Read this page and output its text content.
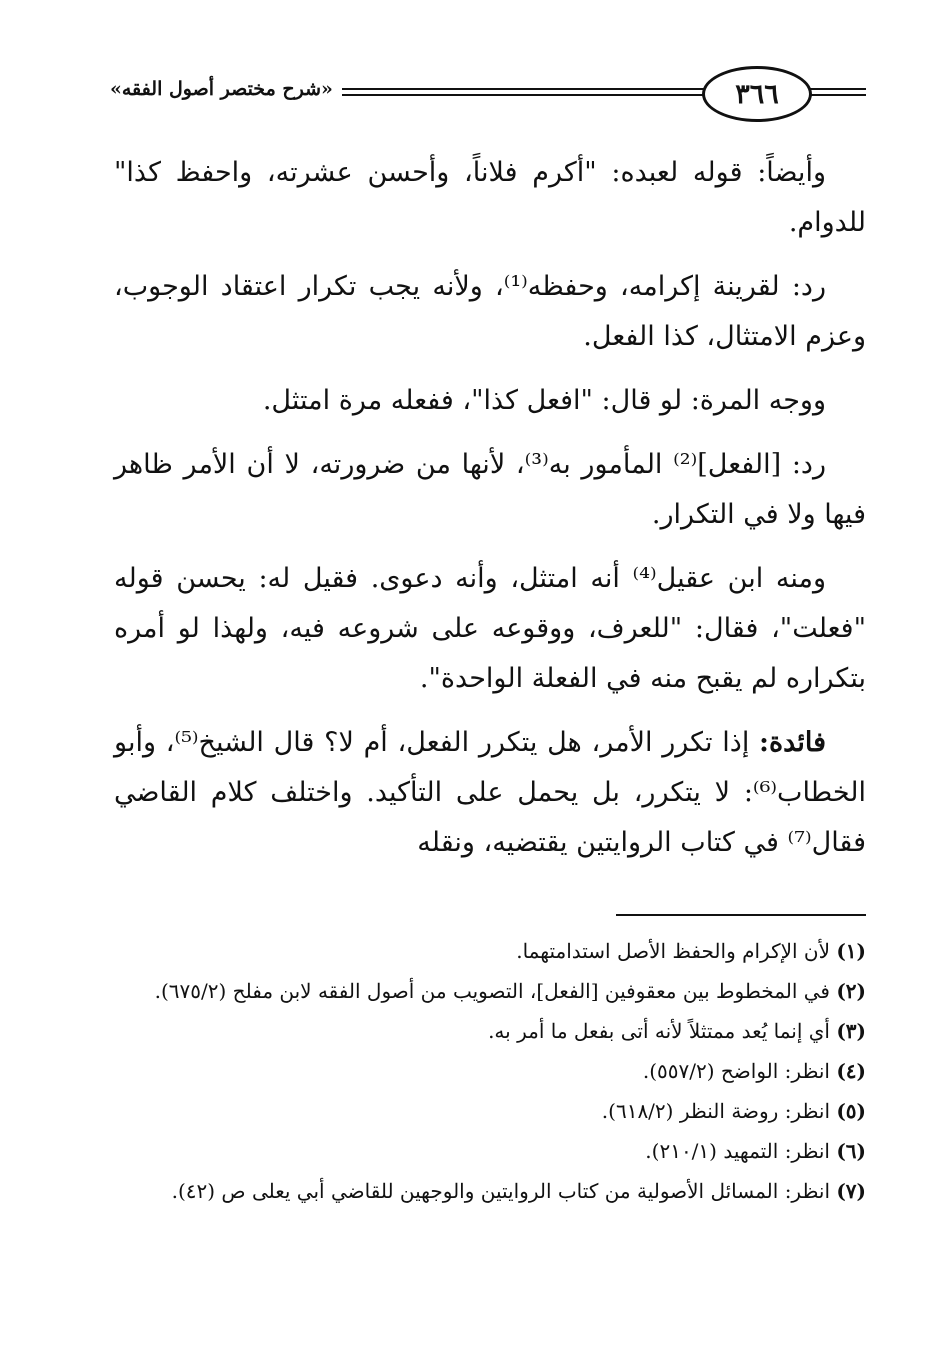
«شرح مختصر أصول الفقه»	٣٦٦

وأيضاً: قوله لعبده: "أكرم فلاناً، وأحسن عشرته، واحفظ كذا" للدوام.

رد: لقرينة إكرامه، وحفظه⁽¹⁾، ولأنه يجب تكرار اعتقاد الوجوب، وعزم الامتثال، كذا الفعل.

ووجه المرة: لو قال: "افعل كذا"، ففعله مرة امتثل.

رد: [الفعل]⁽²⁾ المأمور به⁽³⁾، لأنها من ضرورته، لا أن الأمر ظاهر فيها ولا في التكرار.

ومنه ابن عقيل⁽⁴⁾ أنه امتثل، وأنه دعوى. فقيل له: يحسن قوله "فعلت"، فقال: "للعرف، ووقوعه على شروعه فيه، ولهذا لو أمره بتكراره لم يقبح منه في الفعلة الواحدة".

فائدة: إذا تكرر الأمر، هل يتكرر الفعل، أم لا؟ قال الشيخ⁽⁵⁾، وأبو الخطاب⁽⁶⁾: لا يتكرر، بل يحمل على التأكيد. واختلف كلام القاضي فقال⁽⁷⁾ في كتاب الروايتين يقتضيه، ونقله

(١)لأن الإكرام والحفظ الأصل استدامتهما.

(٢)في المخطوط بين معقوفين [الفعل]، التصويب من أصول الفقه لابن مفلح (٦٧٥/٢).

(٣)أي إنما يُعد ممتثلاً لأنه أتى بفعل ما أمر به.

(٤)انظر: الواضح (٥٥٧/٢).

(٥)انظر: روضة النظر (٦١٨/٢).

(٦)انظر: التمهيد (٢١٠/١).

(٧)انظر: المسائل الأصولية من كتاب الروايتين والوجهين للقاضي أبي يعلى ص (٤٢).
